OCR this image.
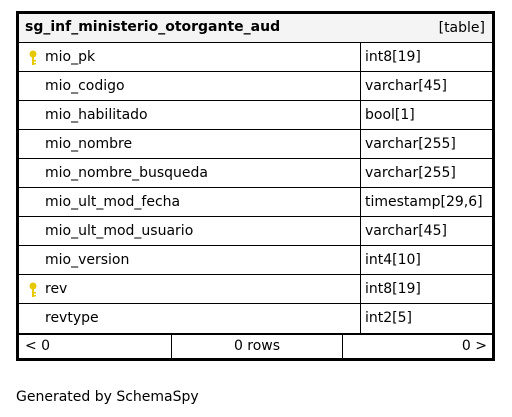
sg_inf_ministerio_otorgante_aud	[table]
mio_pk	int8[19]
mio_codigo	varchar[45]
mio_habilitado	bool[1]
mio_nombre	varchar[255]
mio_nombre_busqueda	varchar[255]
mio_ult_mod_fecha	timestamp[29,6]
mio_ult_mod_usuario	varchar[45]
mio_version	int4[10]
rev	int8[19]
revtype	int2[5]
< 0	0 rows	0 >
Generated by SchemaSpy
